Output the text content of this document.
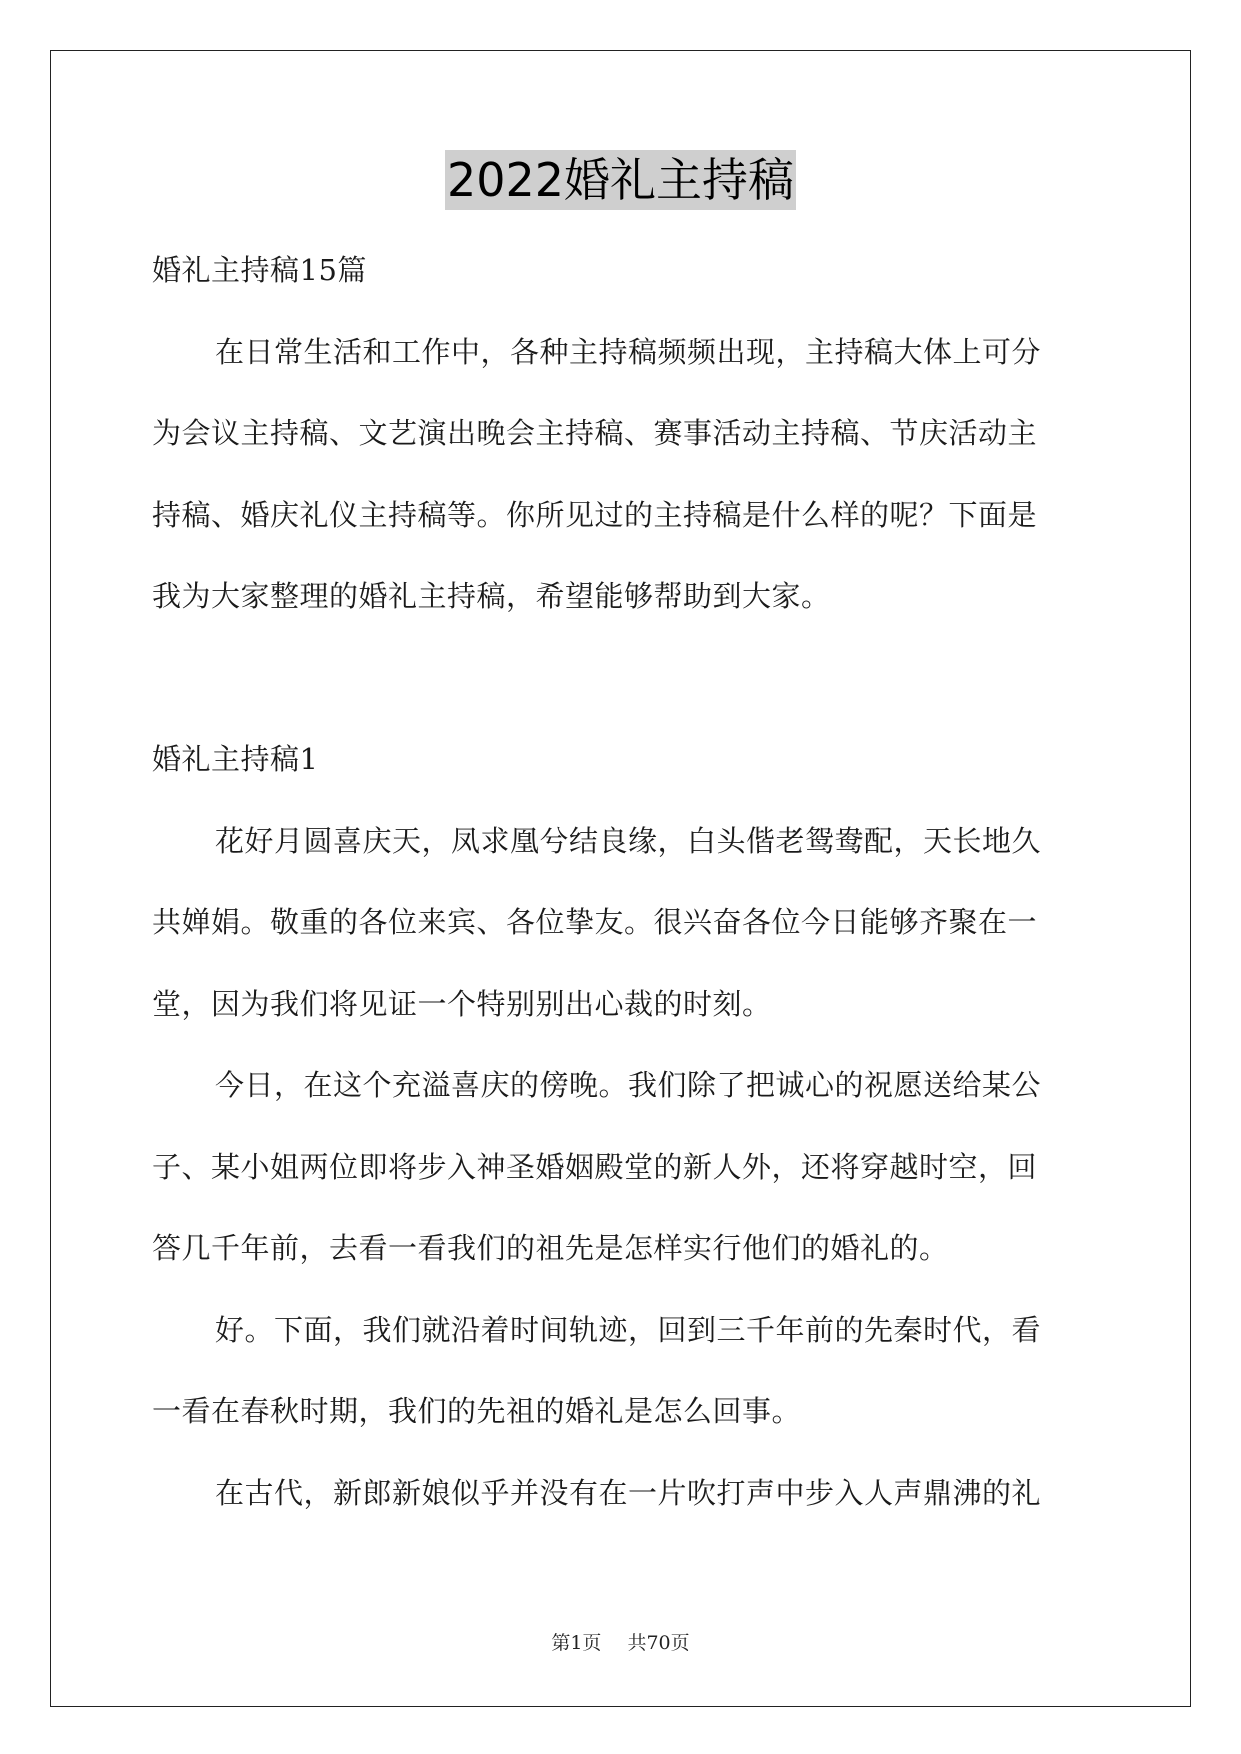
2022婚礼主持稿
婚礼主持稿15篇
在日常生活和工作中，各种主持稿频频出现，主持稿大体上可分
为会议主持稿、文艺演出晚会主持稿、赛事活动主持稿、节庆活动主
持稿、婚庆礼仪主持稿等。你所见过的主持稿是什么样的呢？下面是
我为大家整理的婚礼主持稿，希望能够帮助到大家。
婚礼主持稿1
花好月圆喜庆天，凤求凰兮结良缘，白头偕老鸳鸯配，天长地久
共婵娟。敬重的各位来宾、各位挚友。很兴奋各位今日能够齐聚在一
堂，因为我们将见证一个特别别出心裁的时刻。
今日，在这个充溢喜庆的傍晚。我们除了把诚心的祝愿送给某公
子、某小姐两位即将步入神圣婚姻殿堂的新人外，还将穿越时空，回
答几千年前，去看一看我们的祖先是怎样实行他们的婚礼的。
好。下面，我们就沿着时间轨迹，回到三千年前的先秦时代，看
一看在春秋时期，我们的先祖的婚礼是怎么回事。
在古代，新郎新娘似乎并没有在一片吹打声中步入人声鼎沸的礼
第1页 共70页
